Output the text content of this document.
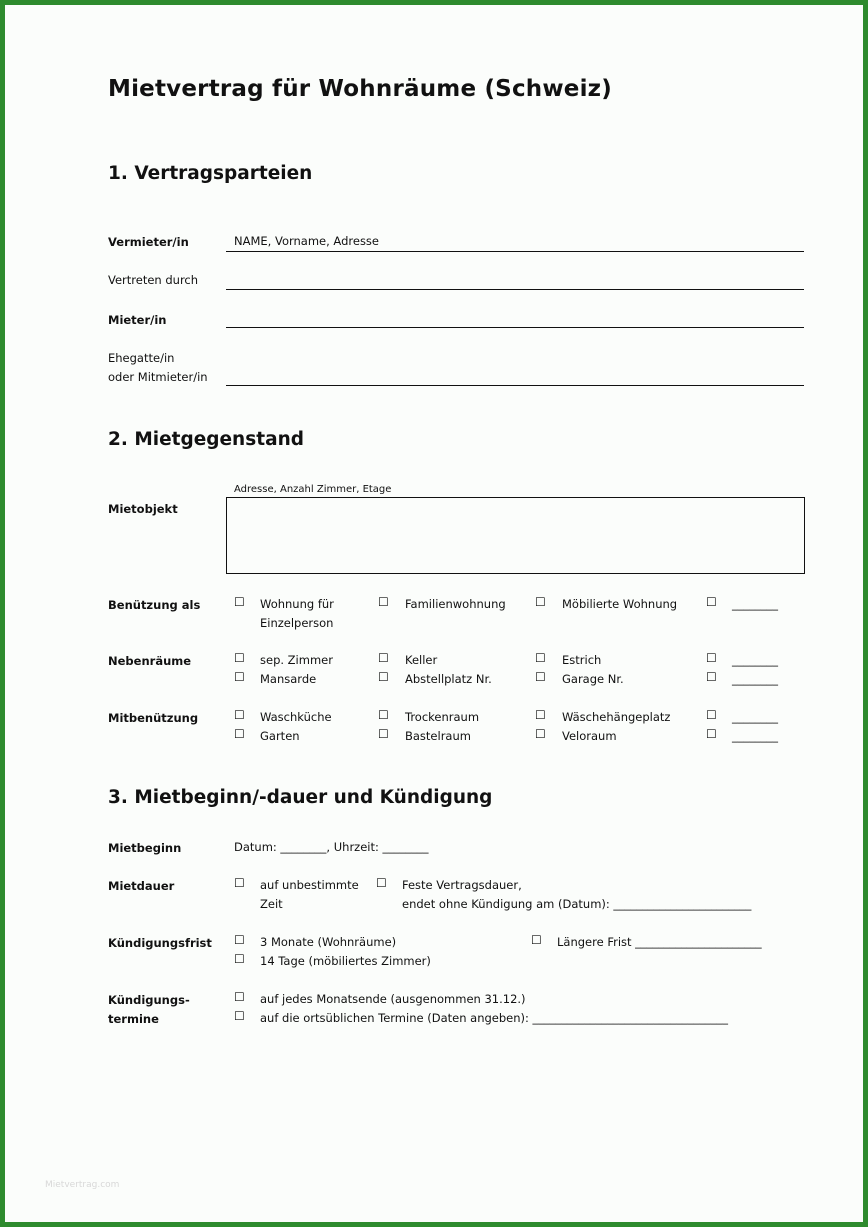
Mietvertrag für Wohnräume (Schweiz)
1. Vertragsparteien
Vermieter/in	NAME, Vorname, Adresse
Vertreten durch
Mieter/in
Ehegatte/in
oder Mitmieter/in
2. Mietgegenstand
Adresse, Anzahl Zimmer, Etage
Mietobjekt
Benützung als	☐ Wohnung für
Einzelperson
☐ Familienwohnung ☐ Möbilierte Wohnung ☐ ________
Nebenräume	☐ sep. Zimmer	☐ Keller	☐ Estrich	☐ ________
☐ Mansarde	☐ Abstellplatz Nr.	☐ Garage Nr.	☐ ________
Mitbenützung	☐ Waschküche	☐ Trockenraum	☐ Wäschehängeplatz	☐ ________
☐ Garten	☐ Bastelraum	☐ Veloraum	☐ ________
3. Mietbeginn/-dauer und Kündigung
Mietbeginn	Datum: ________, Uhrzeit: ________
Mietdauer	☐ auf unbestimmte
Zeit
☐ Feste Vertragsdauer,
endet ohne Kündigung am (Datum): ________________________
Kündigungsfrist ☐ 3 Monate (Wohnräume)	☐ Längere Frist ______________________
☐ 14 Tage (möbiliertes Zimmer)
Kündigungs-
termine
☐ auf jedes Monatsende (ausgenommen 31.12.)
☐ auf die ortsüblichen Termine (Daten angeben): __________________________________
Mietvertrag.com
